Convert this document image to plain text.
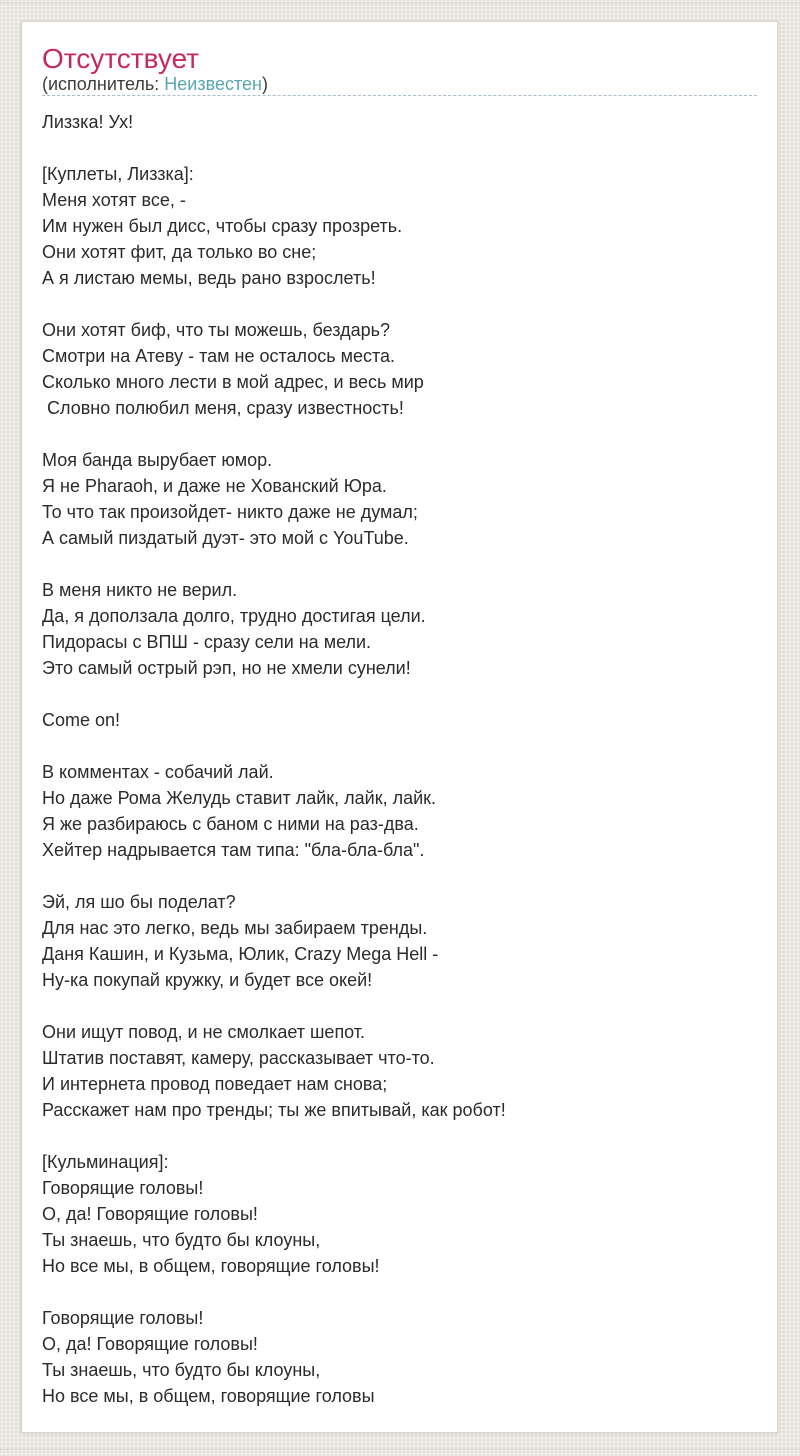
Отсутствует
(исполнитель: Неизвестен)
Лиззка! Ух!
[Куплеты, Лиззка]:
Меня хотят все, -
Им нужен был дисс, чтобы сразу прозреть.
Они хотят фит, да только во сне;
А я листаю мемы, ведь рано взрослеть!
Они хотят биф, что ты можешь, бездарь?
Смотри на Атеву - там не осталось места.
Сколько много лести в мой адрес, и весь мир
Словно полюбил меня, сразу известность!
Моя банда вырубает юмор.
Я не Pharaoh, и даже не Хованский Юра.
То что так произойдет- никто даже не думал;
А самый пиздатый дуэт- это мой с YouTube.
В меня никто не верил.
Да, я доползала долго, трудно достигая цели.
Пидорасы с ВПШ - сразу сели на мели.
Это самый острый рэп, но не хмели сунели!
Come on!
В комментах - собачий лай.
Но даже Рома Желудь ставит лайк, лайк, лайк.
Я же разбираюсь с баном с ними на раз-два.
Хейтер надрывается там типа: "бла-бла-бла".
Эй, ля шо бы поделат?
Для нас это легко, ведь мы забираем тренды.
Даня Кашин, и Кузьма, Юлик, Crazy Mega Hell -
Ну-ка покупай кружку, и будет все окей!
Они ищут повод, и не смолкает шепот.
Штатив поставят, камеру, рассказывает что-то.
И интернета провод поведает нам снова;
Расскажет нам про тренды; ты же впитывай, как робот!
[Кульминация]:
Говорящие головы!
О, да! Говорящие головы!
Ты знаешь, что будто бы клоуны,
Но все мы, в общем, говорящие головы!
Говорящие головы!
О, да! Говорящие головы!
Ты знаешь, что будто бы клоуны,
Но все мы, в общем, говорящие головы
